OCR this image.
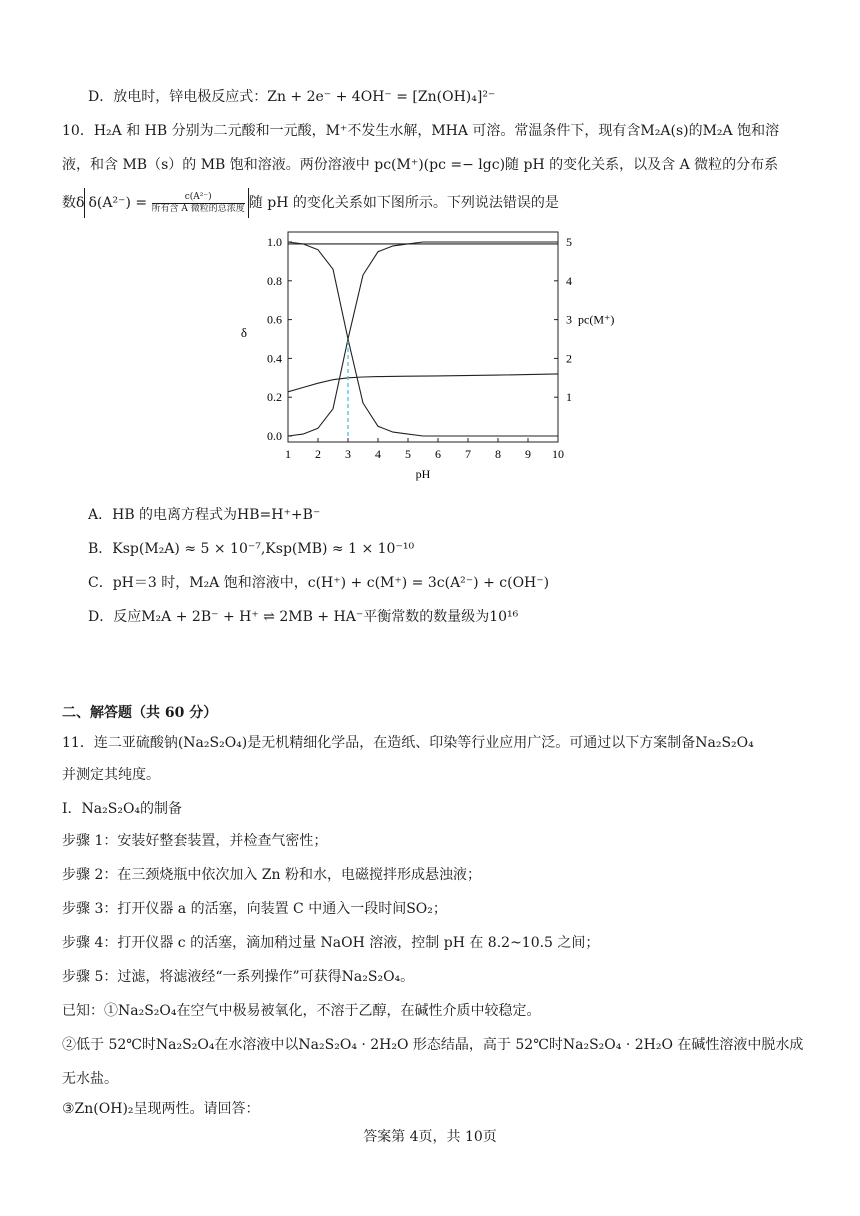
D．放电时，锌电极反应式：Zn + 2e⁻ + 4OH⁻ = [Zn(OH)₄]²⁻
10．H₂A 和 HB 分别为二元酸和一元酸，M⁺不发生水解，MHA 可溶。常温条件下，现有含M₂A(s)的M₂A 饱和溶
液，和含 MB（s）的 MB 饱和溶液。两份溶液中 pc(M⁺)(pc =− lgc)随 pH 的变化关系，以及含 A 微粒的分布系
数δ $\delta(A^{2-}) = \frac{\text{c(A²⁻)}}{\text{所有含 A 微粒的总浓度}}$ 随 pH 的变化关系如下图所示。下列说法错误的是
1 2 3 4 5 6 7 8 9 10
0.0
0.2
0.4
0.6
0.8
1.0
1
2
3
4
5
pH
δ
pc(M⁺)
A．HB 的电离方程式为HB=H⁺+B⁻
B．Ksp(M₂A) ≈ 5 × 10⁻⁷,Ksp(MB) ≈ 1 × 10⁻¹⁰
C．pH＝3 时，M₂A 饱和溶液中，c(H⁺) + c(M⁺) = 3c(A²⁻) + c(OH⁻)
D．反应M₂A + 2B⁻ + H⁺ ⇌ 2MB + HA⁻平衡常数的数量级为10¹⁶
二、解答题（共 60 分）
11．连二亚硫酸钠(Na₂S₂O₄)是无机精细化学品，在造纸、印染等行业应用广泛。可通过以下方案制备Na₂S₂O₄
并测定其纯度。
Ⅰ．Na₂S₂O₄的制备
步骤 1：安装好整套装置，并检查气密性；
步骤 2：在三颈烧瓶中依次加入 Zn 粉和水，电磁搅拌形成悬浊液；
步骤 3：打开仪器 a 的活塞，向装置 C 中通入一段时间SO₂；
步骤 4：打开仪器 c 的活塞，滴加稍过量 NaOH 溶液，控制 pH 在 8.2~10.5 之间；
步骤 5：过滤，将滤液经“一系列操作”可获得Na₂S₂O₄。
已知：①Na₂S₂O₄在空气中极易被氧化，不溶于乙醇，在碱性介质中较稳定。
②低于 52℃时Na₂S₂O₄在水溶液中以Na₂S₂O₄ · 2H₂O 形态结晶，高于 52℃时Na₂S₂O₄ · 2H₂O 在碱性溶液中脱水成
无水盐。
③Zn(OH)₂呈现两性。请回答：
答案第 4页，共 10页
